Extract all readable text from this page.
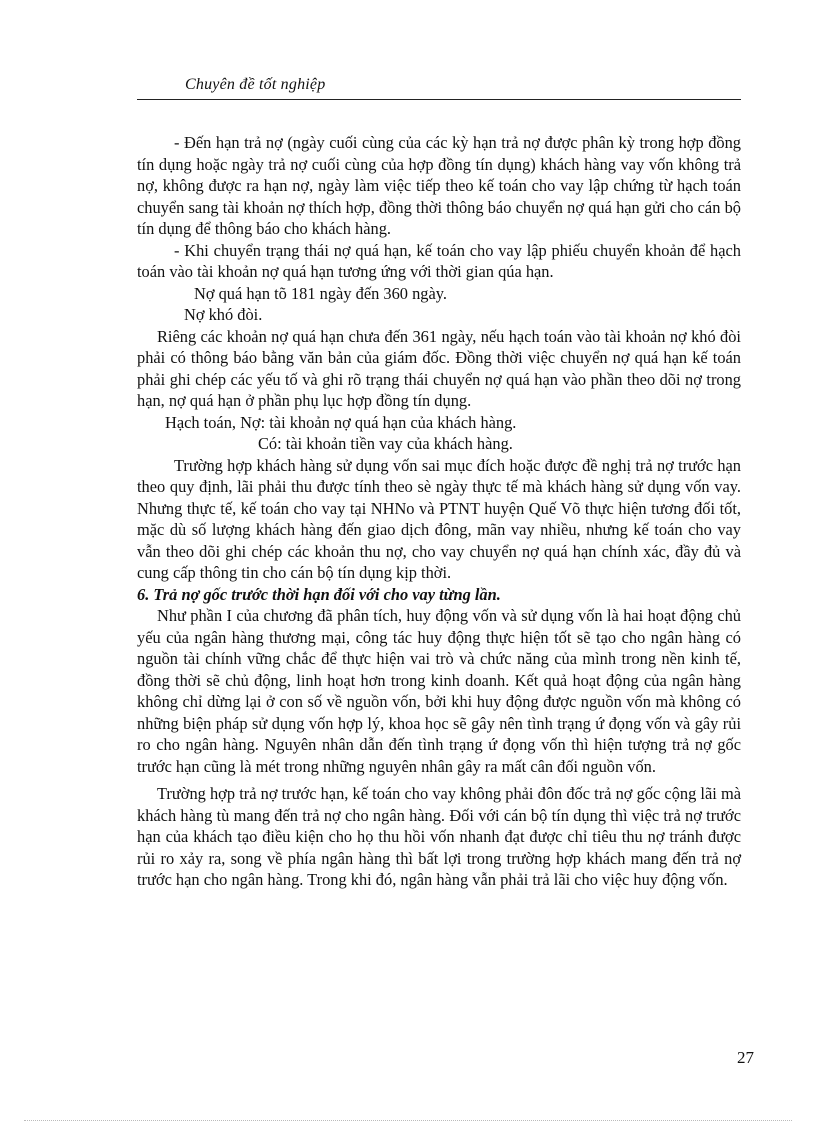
Chuyên đề tốt nghiệp

- Đến hạn trả nợ (ngày cuối cùng của các kỳ hạn trả nợ được phân kỳ trong hợp đồng tín dụng hoặc ngày trả nợ cuối cùng của hợp đồng tín dụng) khách hàng vay vốn không trả nợ, không được ra hạn nợ, ngày làm việc tiếp theo kế toán cho vay lập chứng từ hạch toán chuyển sang tài khoản nợ thích hợp, đồng thời thông báo chuyển nợ quá hạn gửi cho cán bộ tín dụng để thông báo cho khách hàng.

- Khi chuyển trạng thái nợ quá hạn, kế toán cho vay lập phiếu chuyển khoản để hạch toán vào tài khoản nợ quá hạn tương ứng với thời gian qúa hạn.

Nợ quá hạn tõ 181 ngày đến 360 ngày.

Nợ khó đòi.

Riêng các khoản nợ quá hạn chưa đến 361 ngày, nếu hạch toán vào tài khoản nợ khó đòi phải có thông báo bằng văn bản của giám đốc. Đồng thời việc chuyển nợ quá hạn kế toán phải ghi chép các yếu tố và ghi rõ trạng thái chuyển nợ quá hạn vào phần theo dõi nợ trong hạn, nợ quá hạn ở phần phụ lục hợp đồng tín dụng.

Hạch toán, Nợ: tài khoản nợ quá hạn của khách hàng.

Có: tài khoản tiền vay của khách hàng.

Trường hợp khách hàng sử dụng vốn sai mục đích hoặc được đề nghị trả nợ trước hạn theo quy định, lãi phải thu được tính theo sè ngày thực tế mà khách hàng sử dụng vốn vay. Nhưng thực tế, kế toán cho vay tại NHNo và PTNT huyện Quế Võ thực hiện tương đối tốt, mặc dù số lượng khách hàng đến giao dịch đông, mãn vay nhiều, nhưng kế toán cho vay vẫn theo dõi ghi chép các khoản thu nợ, cho vay chuyển nợ quá hạn chính xác, đầy đủ và cung cấp thông tin cho cán bộ tín dụng kịp thời.

6. Trả nợ gốc trước thời hạn đối với cho vay từng lần.

Như phần I của chương đã phân tích, huy động vốn và sử dụng vốn là hai hoạt động chủ yếu của ngân hàng thương mại, công tác huy động thực hiện tốt sẽ tạo cho ngân hàng có nguồn tài chính vững chắc để thực hiện vai trò và chức năng của mình trong nền kinh tế, đồng thời sẽ chủ động, linh hoạt hơn trong kinh doanh. Kết quả hoạt động của ngân hàng không chỉ dừng lại ở con số về nguồn vốn, bởi khi huy động được nguồn vốn mà không có những biện pháp sử dụng vốn hợp lý, khoa học sẽ gây nên tình trạng ứ đọng vốn và gây rủi ro cho ngân hàng. Nguyên nhân dẫn đến tình trạng ứ đọng vốn thì hiện tượng trả nợ gốc trước hạn cũng là mét trong những nguyên nhân gây ra mất cân đối nguồn vốn.

Trường hợp trả nợ trước hạn, kế toán cho vay không phải đôn đốc trả nợ gốc cộng lãi mà khách hàng tù mang đến trả nợ cho ngân hàng. Đối với cán bộ tín dụng thì việc trả nợ trước hạn của khách tạo điều kiện cho họ thu hồi vốn nhanh đạt được chỉ tiêu thu nợ tránh được rủi ro xảy ra, song về phía ngân hàng thì bất lợi trong trường hợp khách mang đến trả nợ trước hạn cho ngân hàng. Trong khi đó, ngân hàng vẫn phải trả lãi cho việc huy động vốn.

27
